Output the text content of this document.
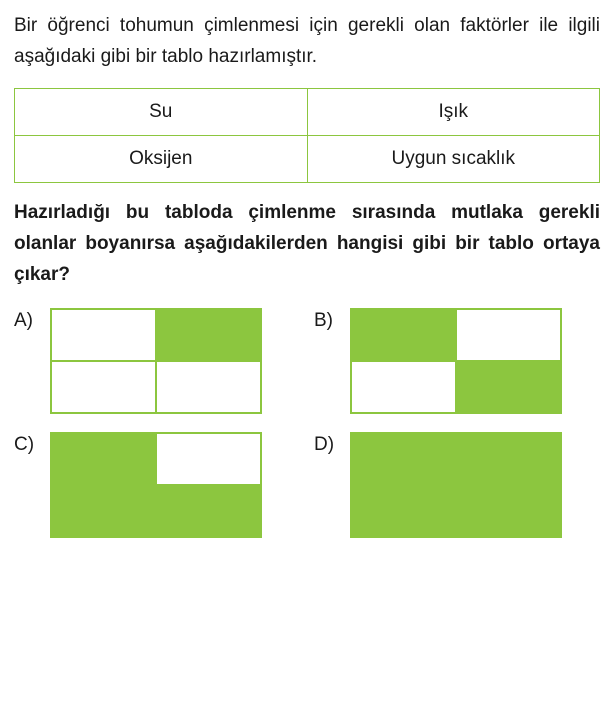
Bir öğrenci tohumun çimlenmesi için gerekli olan faktörler ile ilgili aşağıdaki gibi bir tablo hazırlamıştır.

Su	Işık
Oksijen	Uygun sıcaklık

Hazırladığı bu tabloda çimlenme sırasında mutlaka gerekli olanlar boyanırsa aşağıdakilerden hangisi gibi bir tablo ortaya çıkar?

A)	B)
C)	D)
